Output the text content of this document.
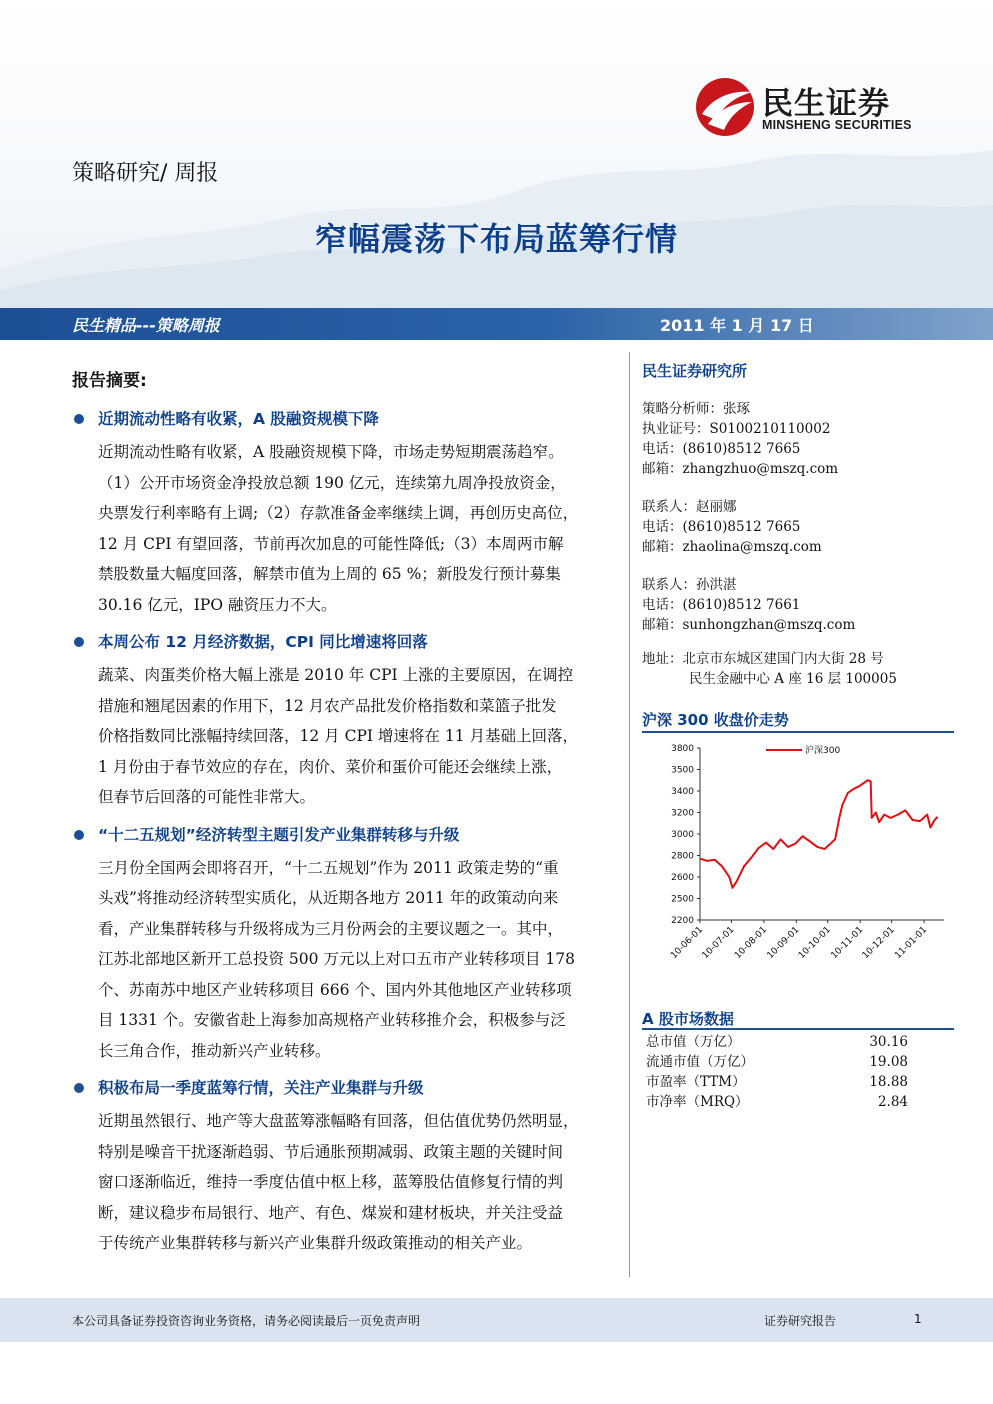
民生证券
MINSHENG SECURITIES
策略研究/ 周报
窄幅震荡下布局蓝筹行情
民生精品---策略周报	2011 年 1 月 17 日
报告摘要:
近期流动性略有收紧，A 股融资规模下降
近期流动性略有收紧，A 股融资规模下降，市场走势短期震荡趋窄。
（1）公开市场资金净投放总额 190 亿元，连续第九周净投放资金，
央票发行利率略有上调;（2）存款准备金率继续上调，再创历史高位，
12 月 CPI 有望回落，节前再次加息的可能性降低;（3）本周两市解
禁股数量大幅度回落，解禁市值为上周的 65 %；新股发行预计募集
30.16 亿元，IPO 融资压力不大。
本周公布 12 月经济数据，CPI 同比增速将回落
蔬菜、肉蛋类价格大幅上涨是 2010 年 CPI 上涨的主要原因，在调控
措施和翘尾因素的作用下，12 月农产品批发价格指数和菜篮子批发
价格指数同比涨幅持续回落，12 月 CPI 增速将在 11 月基础上回落，
1 月份由于春节效应的存在，肉价、菜价和蛋价可能还会继续上涨，
但春节后回落的可能性非常大。
“十二五规划”经济转型主题引发产业集群转移与升级
三月份全国两会即将召开，“十二五规划”作为 2011 政策走势的“重
头戏”将推动经济转型实质化，从近期各地方 2011 年的政策动向来
看，产业集群转移与升级将成为三月份两会的主要议题之一。其中，
江苏北部地区新开工总投资 500 万元以上对口五市产业转移项目 178
个、苏南苏中地区产业转移项目 666 个、国内外其他地区产业转移项
目 1331 个。安徽省赴上海参加高规格产业转移推介会，积极参与泛
长三角合作，推动新兴产业转移。
积极布局一季度蓝筹行情，关注产业集群与升级
近期虽然银行、地产等大盘蓝筹涨幅略有回落，但估值优势仍然明显，
特别是噪音干扰逐渐趋弱、节后通胀预期减弱、政策主题的关键时间
窗口逐渐临近，维持一季度估值中枢上移，蓝筹股估值修复行情的判
断，建议稳步布局银行、地产、有色、煤炭和建材板块，并关注受益
于传统产业集群转移与新兴产业集群升级政策推动的相关产业。
民生证券研究所
策略分析师：张琢
执业证号：S0100210110002
电话：(8610)8512 7665
邮箱：zhangzhuo@mszq.com
联系人：赵丽娜
电话：(8610)8512 7665
邮箱：zhaolina@mszq.com
联系人：孙洪湛
电话：(8610)8512 7661
邮箱：sunhongzhan@mszq.com
地址：北京市东城区建国门内大街 28 号
民生金融中心 A 座 16 层 100005
沪深 300 收盘价走势
3800
3500
3400
3200
3000
2800
2600
2500
2200
10-06-01
10-07-01
10-08-01
10-09-01
10-10-01
10-11-01
10-12-01
11-01-01
沪深300
A 股市场数据
总市值（万亿）	30.16
流通市值（万亿）	19.08
市盈率（TTM）	18.88
市净率（MRQ）	2.84
本公司具备证券投资咨询业务资格，请务必阅读最后一页免责声明	证券研究报告	1
